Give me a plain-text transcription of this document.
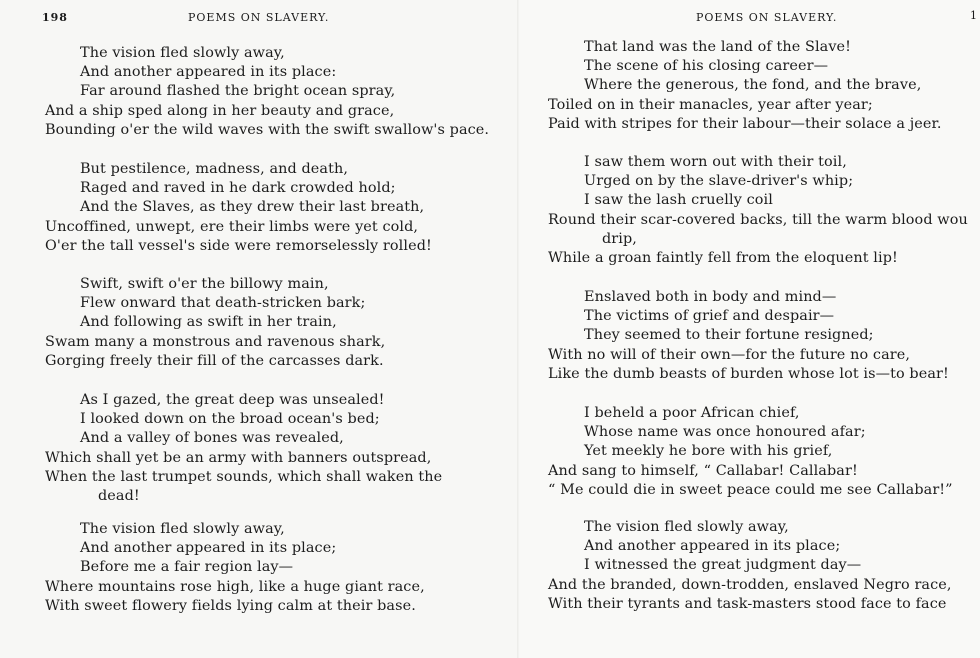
198	POEMS ON SLAVERY.
The vision fled slowly away,
And another appeared in its place:
Far around flashed the bright ocean spray,
And a ship sped along in her beauty and grace,
Bounding o'er the wild waves with the swift swallow's pace.
But pestilence, madness, and death,
Raged and raved in he dark crowded hold;
And the Slaves, as they drew their last breath,
Uncoffined, unwept, ere their limbs were yet cold,
O'er the tall vessel's side were remorselessly rolled!
Swift, swift o'er the billowy main,
Flew onward that death-stricken bark;
And following as swift in her train,
Swam many a monstrous and ravenous shark,
Gorging freely their fill of the carcasses dark.
As I gazed, the great deep was unsealed!
I looked down on the broad ocean's bed;
And a valley of bones was revealed,
Which shall yet be an army with banners outspread,
When the last trumpet sounds, which shall waken the
dead!
The vision fled slowly away,
And another appeared in its place;
Before me a fair region lay—
Where mountains rose high, like a huge giant race,
With sweet flowery fields lying calm at their base.
POEMS ON SLAVERY.	1
That land was the land of the Slave!
The scene of his closing career—
Where the generous, the fond, and the brave,
Toiled on in their manacles, year after year;
Paid with stripes for their labour—their solace a jeer.
I saw them worn out with their toil,
Urged on by the slave-driver's whip;
I saw the lash cruelly coil
Round their scar-covered backs, till the warm blood wou
drip,
While a groan faintly fell from the eloquent lip!
Enslaved both in body and mind—
The victims of grief and despair—
They seemed to their fortune resigned;
With no will of their own—for the future no care,
Like the dumb beasts of burden whose lot is—to bear!
I beheld a poor African chief,
Whose name was once honoured afar;
Yet meekly he bore with his grief,
And sang to himself, “ Callabar! Callabar!
“ Me could die in sweet peace could me see Callabar!”
The vision fled slowly away,
And another appeared in its place;
I witnessed the great judgment day—
And the branded, down-trodden, enslaved Negro race,
With their tyrants and task-masters stood face to face
